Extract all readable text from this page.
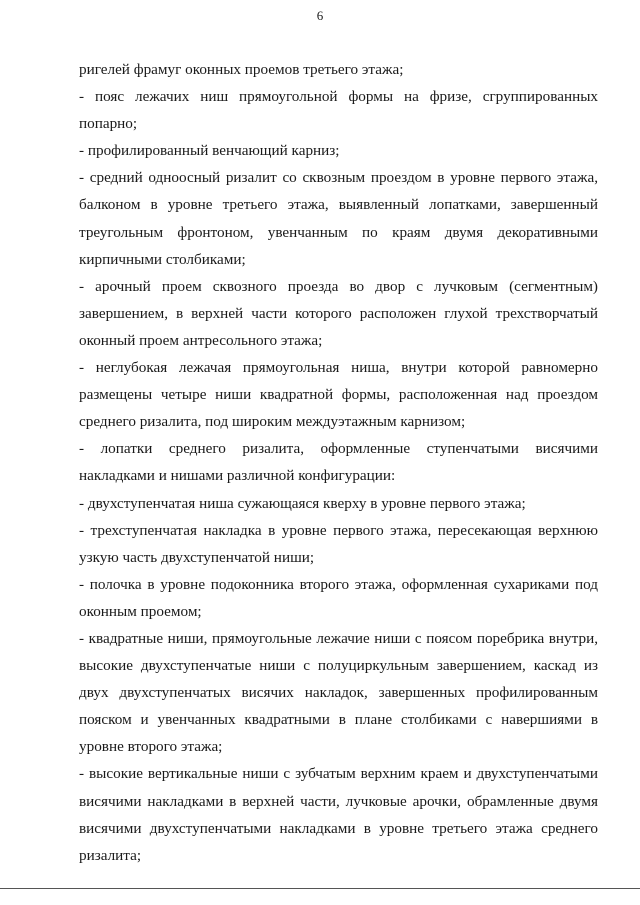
6

ригелей фрамуг оконных проемов третьего этажа;

- пояс лежачих ниш прямоугольной формы на фризе, сгруппированных попарно;

- профилированный венчающий карниз;

- средний одноосный ризалит со сквозным проездом в уровне первого этажа, балконом в уровне третьего этажа, выявленный лопатками, завершенный треугольным фронтоном, увенчанным по краям двумя декоративными кирпичными столбиками;

- арочный проем сквозного проезда во двор с лучковым (сегментным) завершением, в верхней части которого расположен глухой трехстворчатый оконный проем антресольного этажа;

- неглубокая лежачая прямоугольная ниша, внутри которой равномерно размещены четыре ниши квадратной формы, расположенная над проездом среднего ризалита, под широким междуэтажным карнизом;

- лопатки среднего ризалита, оформленные ступенчатыми висячими накладками и нишами различной конфигурации:

- двухступенчатая ниша сужающаяся кверху в уровне первого этажа;

- трехступенчатая накладка в уровне первого этажа, пересекающая верхнюю узкую часть двухступенчатой ниши;

- полочка в уровне подоконника второго этажа, оформленная сухариками под оконным проемом;

- квадратные ниши, прямоугольные лежачие ниши с поясом поребрика внутри, высокие двухступенчатые ниши с полуциркульным завершением, каскад из двух двухступенчатых висячих накладок, завершенных профилированным пояском и увенчанных квадратными в плане столбиками с навершиями в уровне второго этажа;

- высокие вертикальные ниши с зубчатым верхним краем и двухступенчатыми висячими накладками в верхней части, лучковые арочки, обрамленные двумя висячими двухступенчатыми накладками в уровне третьего этажа среднего ризалита;
